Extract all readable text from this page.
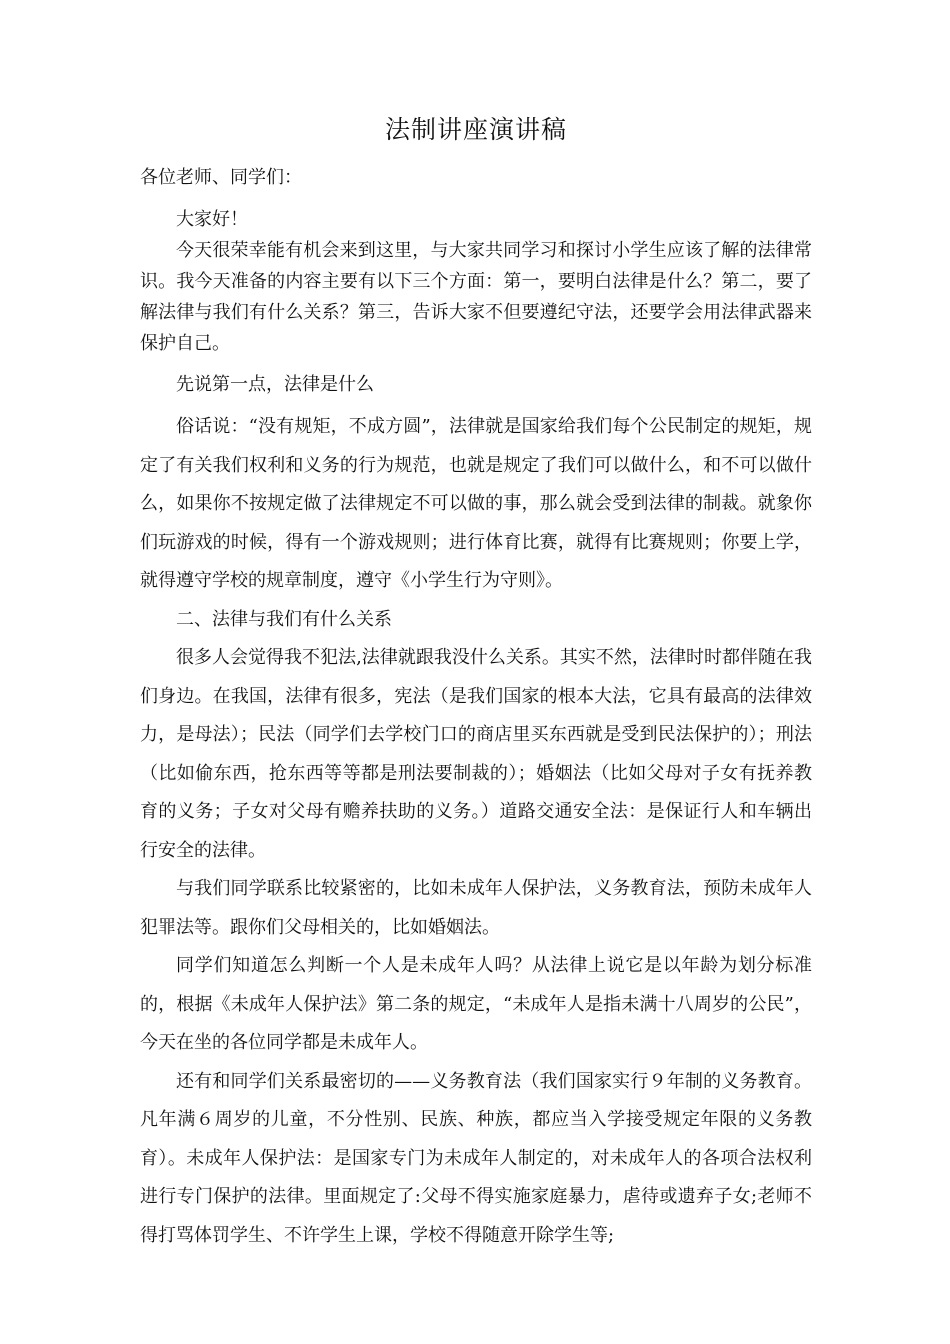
法制讲座演讲稿

各位老师、同学们：

大家好！

今天很荣幸能有机会来到这里，与大家共同学习和探讨小学生应该了解的法律常识。我今天准备的内容主要有以下三个方面：第一，要明白法律是什么？第二，要了解法律与我们有什么关系？第三，告诉大家不但要遵纪守法，还要学会用法律武器来保护自己。

先说第一点，法律是什么

俗话说：“没有规矩，不成方圆”，法律就是国家给我们每个公民制定的规矩，规定了有关我们权利和义务的行为规范，也就是规定了我们可以做什么，和不可以做什么，如果你不按规定做了法律规定不可以做的事，那么就会受到法律的制裁。就象你们玩游戏的时候，得有一个游戏规则；进行体育比赛，就得有比赛规则；你要上学，就得遵守学校的规章制度，遵守《小学生行为守则》。

二、法律与我们有什么关系

很多人会觉得我不犯法,法律就跟我没什么关系。其实不然，法律时时都伴随在我们身边。在我国，法律有很多，宪法（是我们国家的根本大法，它具有最高的法律效力，是母法）；民法（同学们去学校门口的商店里买东西就是受到民法保护的）；刑法（比如偷东西，抢东西等等都是刑法要制裁的）；婚姻法（比如父母对子女有抚养教育的义务；子女对父母有赡养扶助的义务。）道路交通安全法：是保证行人和车辆出行安全的法律。

与我们同学联系比较紧密的，比如未成年人保护法，义务教育法，预防未成年人犯罪法等。跟你们父母相关的，比如婚姻法。

同学们知道怎么判断一个人是未成年人吗？从法律上说它是以年龄为划分标准的，根据《未成年人保护法》第二条的规定，“未成年人是指未满十八周岁的公民”，今天在坐的各位同学都是未成年人。

还有和同学们关系最密切的——义务教育法（我们国家实行９年制的义务教育。凡年满６周岁的儿童，不分性别、民族、种族，都应当入学接受规定年限的义务教育）。未成年人保护法：是国家专门为未成年人制定的，对未成年人的各项合法权利进行专门保护的法律。里面规定了:父母不得实施家庭暴力，虐待或遗弃子女;老师不得打骂体罚学生、不许学生上课，学校不得随意开除学生等;
